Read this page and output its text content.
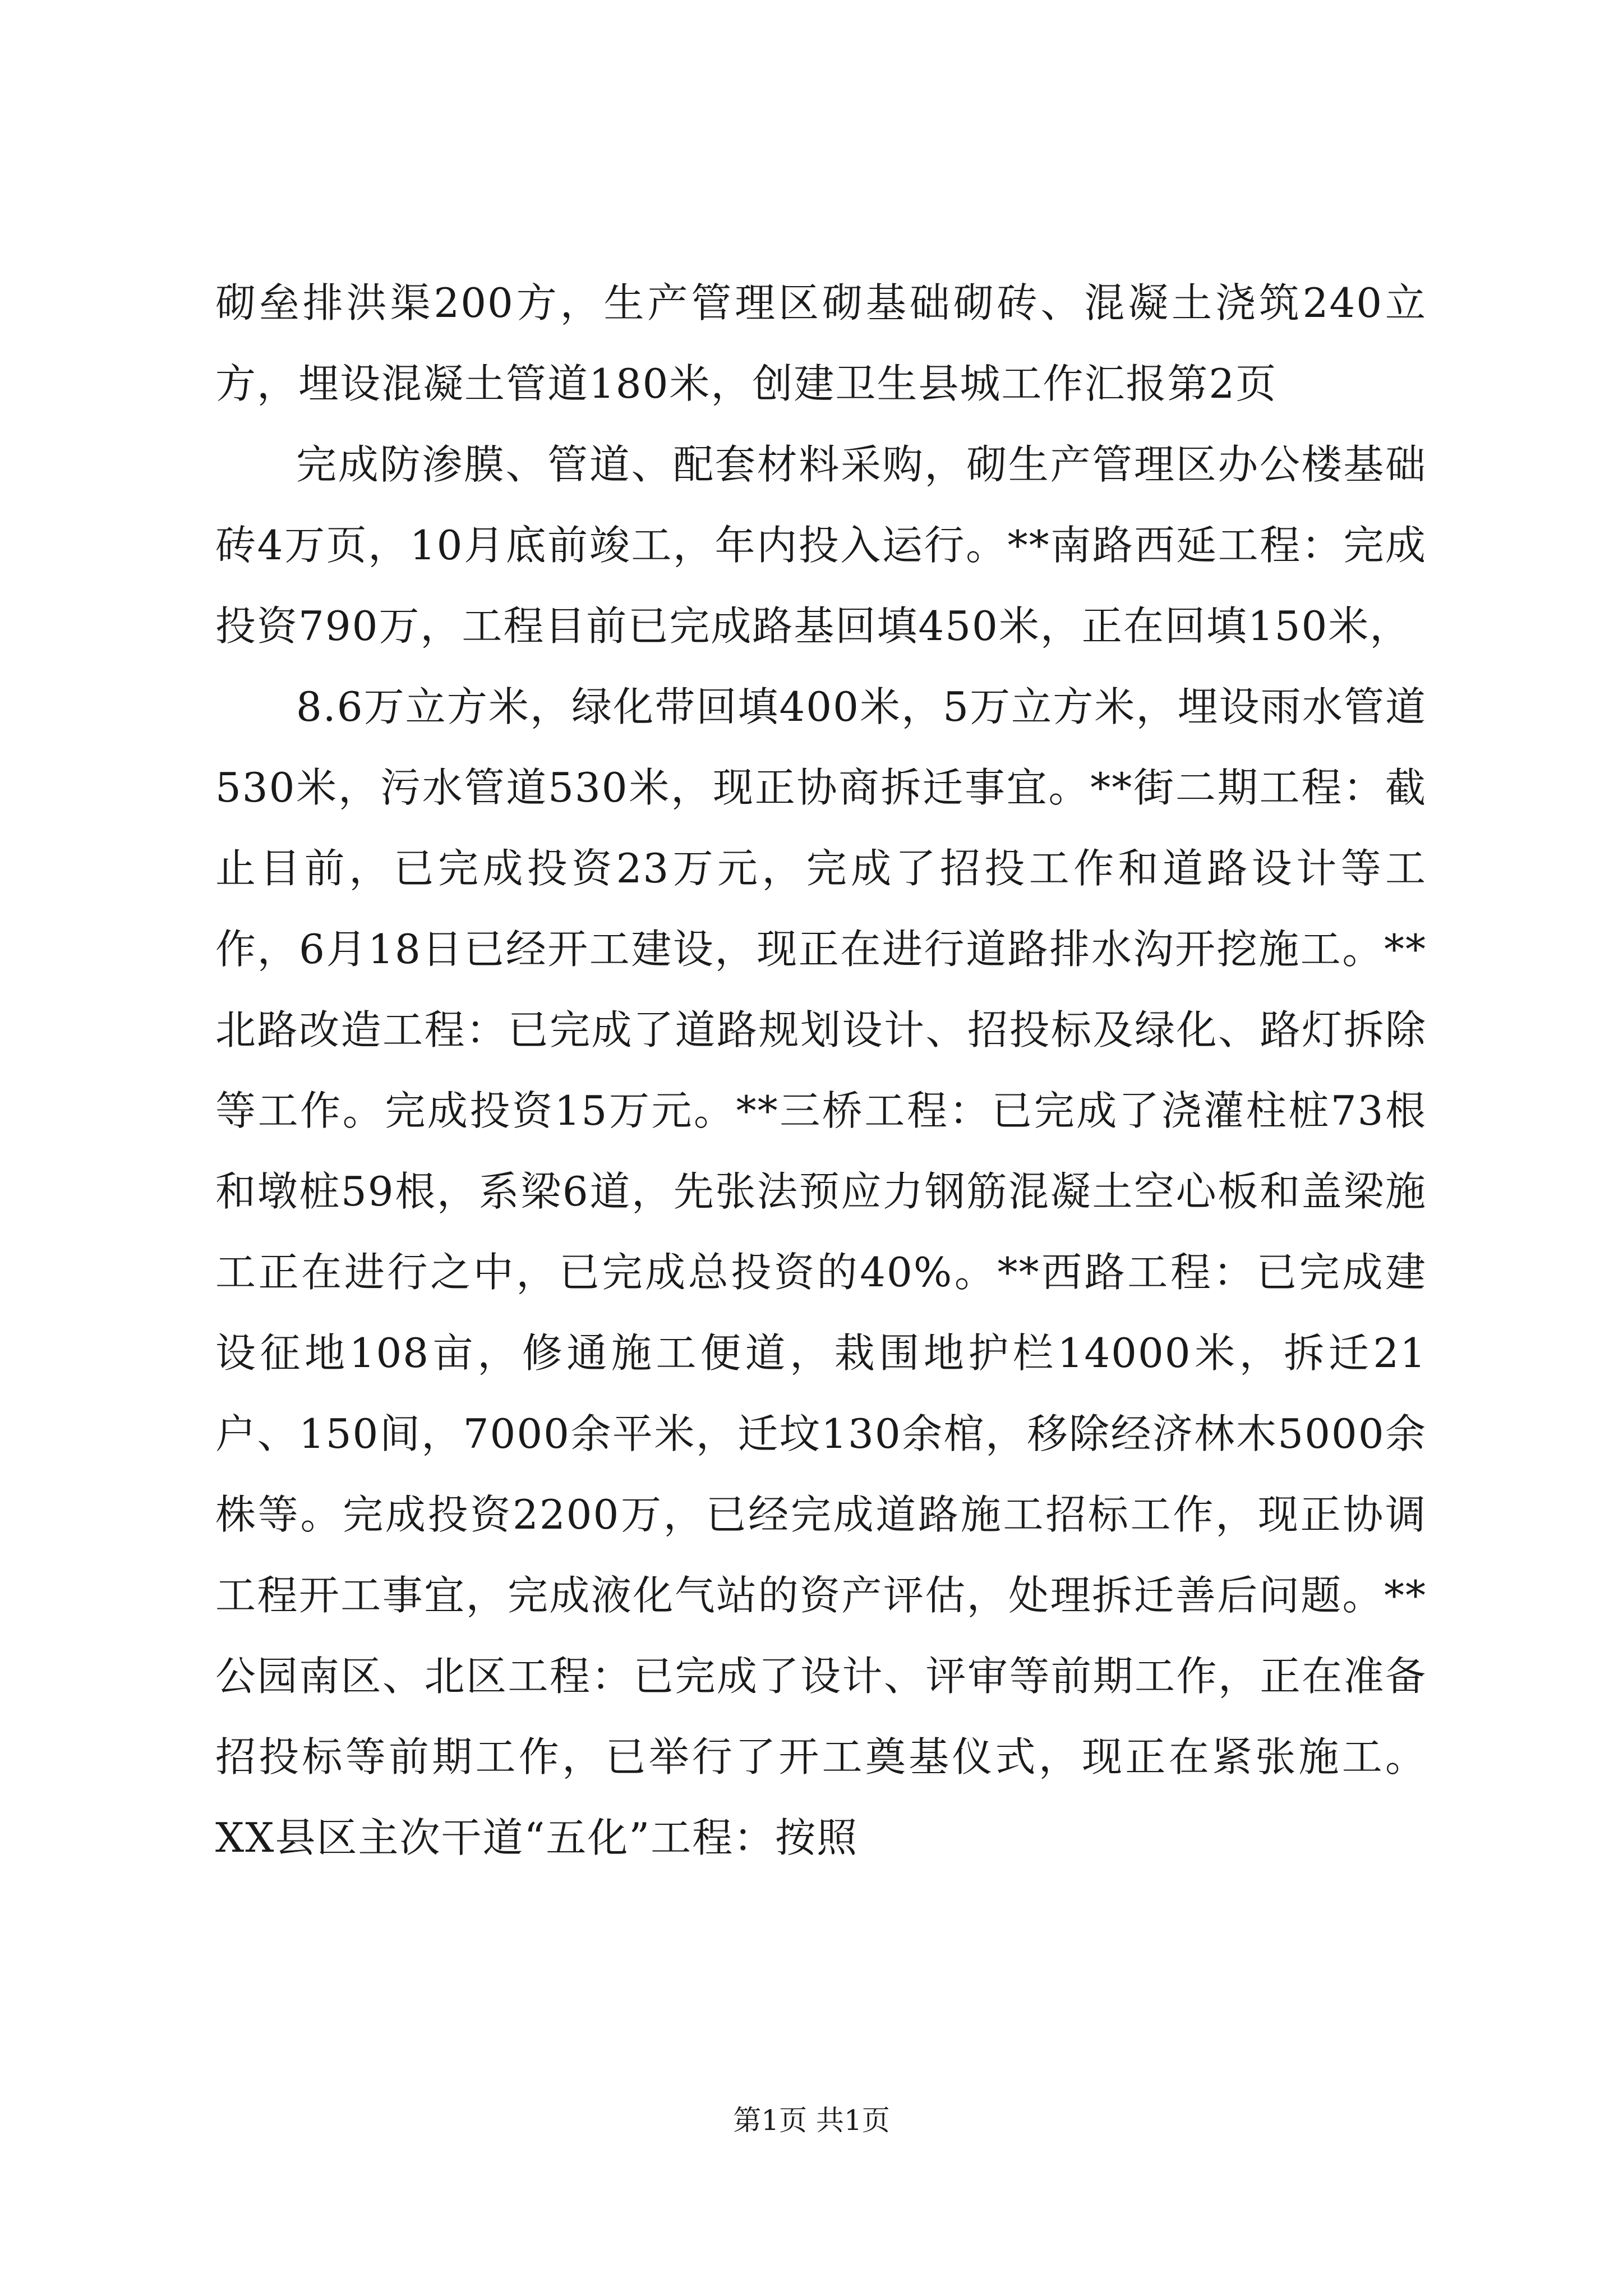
砌垒排洪渠200方，生产管理区砌基础砌砖、混凝土浇筑240立方，埋设混凝土管道180米，创建卫生县城工作汇报第2页

完成防渗膜、管道、配套材料采购，砌生产管理区办公楼基础砖4万页，10月底前竣工，年内投入运行。**南路西延工程：完成投资790万，工程目前已完成路基回填450米，正在回填150米，

8.6万立方米，绿化带回填400米，5万立方米，埋设雨水管道530米，污水管道530米，现正协商拆迁事宜。**街二期工程：截止目前，已完成投资23万元，完成了招投工作和道路设计等工作，6月18日已经开工建设，现正在进行道路排水沟开挖施工。**北路改造工程：已完成了道路规划设计、招投标及绿化、路灯拆除等工作。完成投资15万元。**三桥工程：已完成了浇灌柱桩73根和墩桩59根，系梁6道，先张法预应力钢筋混凝土空心板和盖梁施工正在进行之中，已完成总投资的40%。**西路工程：已完成建设征地108亩，修通施工便道，栽围地护栏14000米，拆迁21户、150间，7000余平米，迁坟130余棺，移除经济林木5000余株等。完成投资2200万，已经完成道路施工招标工作，现正协调工程开工事宜，完成液化气站的资产评估，处理拆迁善后问题。**公园南区、北区工程：已完成了设计、评审等前期工作，正在准备招投标等前期工作，已举行了开工奠基仪式，现正在紧张施工。XX县区主次干道“五化”工程：按照

第1页 共1页
